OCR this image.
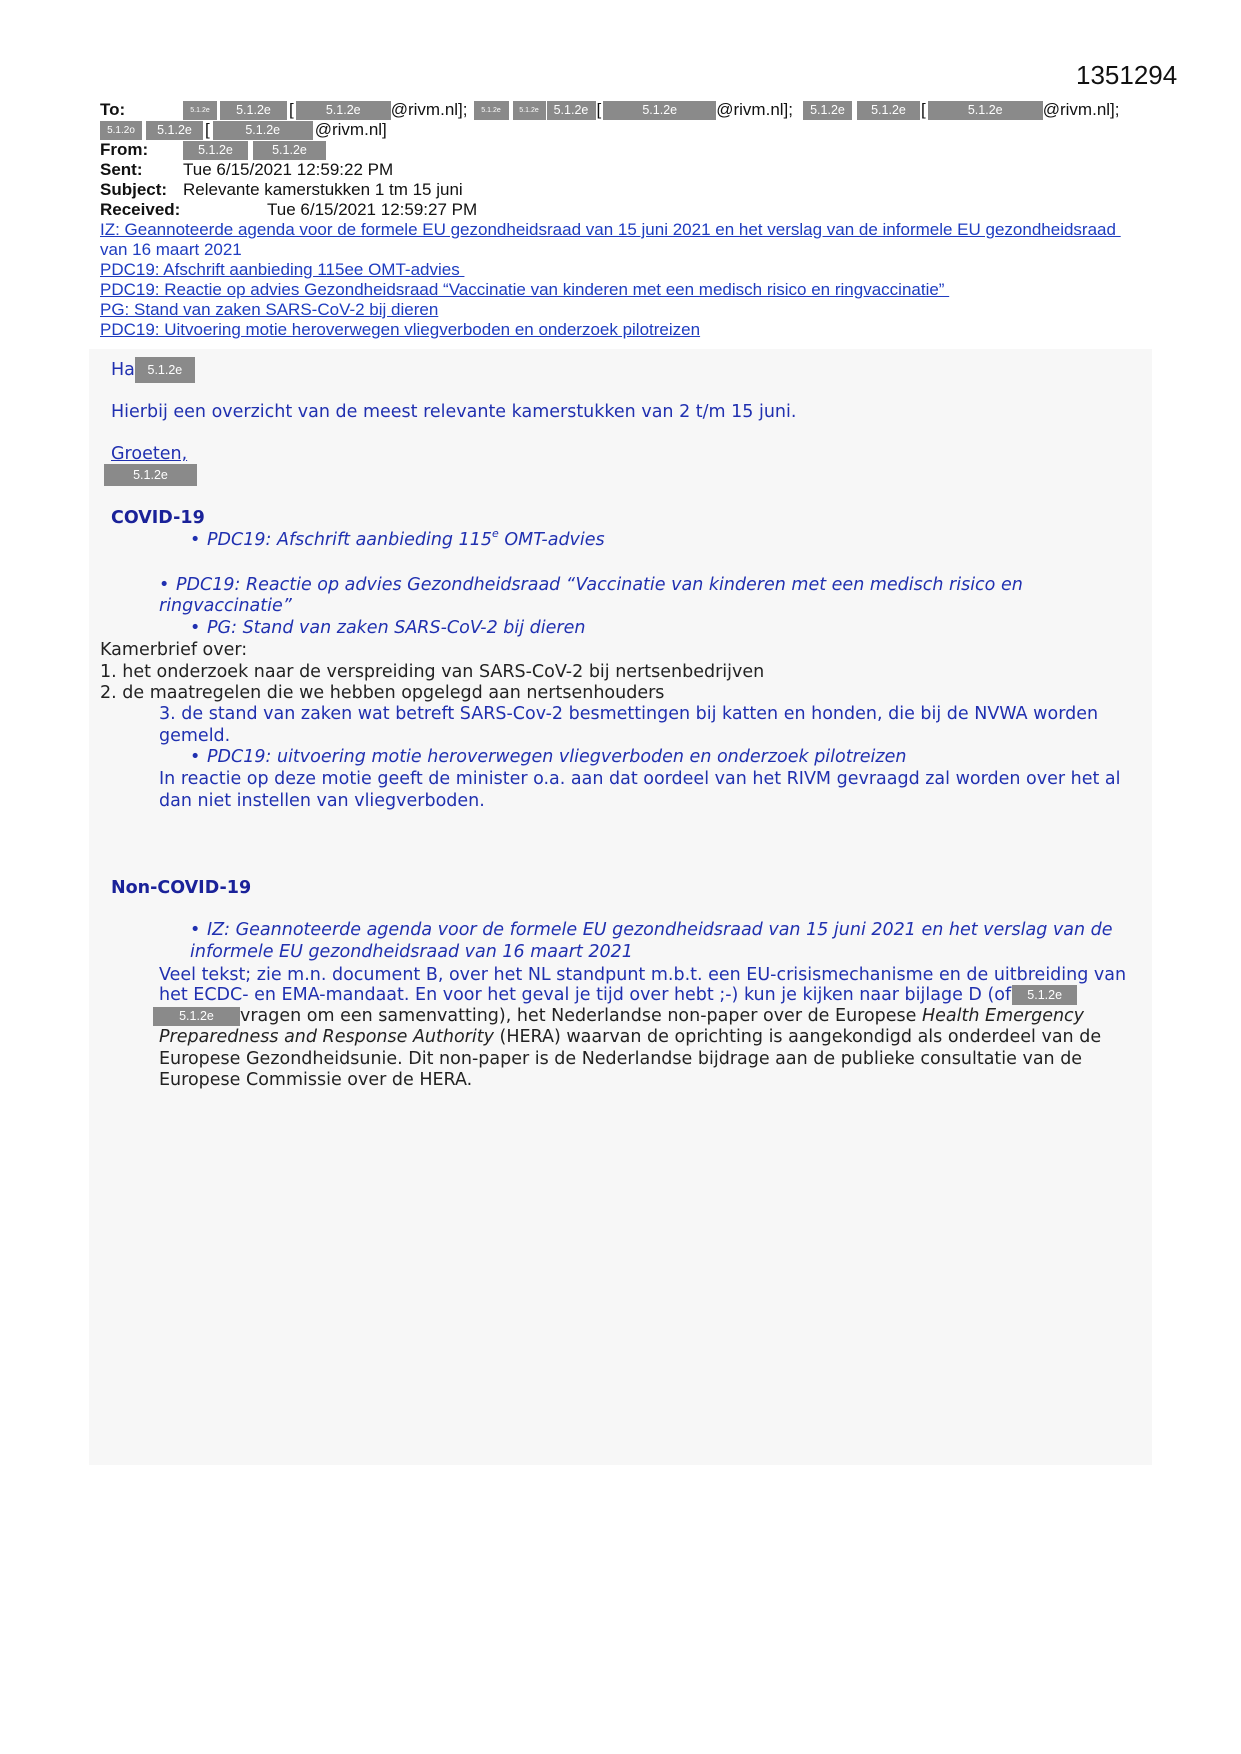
1351294
To:	5.1.2e	5.1.2e	[	5.1.2e	@rivm.nl];	5.1.2e	5.1.2e	5.1.2e [	5.1.2e	@rivm.nl];	5.1.2e	5.1.2e [	5.1.2e	@rivm.nl];
5.1.2o	5.1.2e [	5.1.2e	@rivm.nl]
From:	5.1.2e	5.1.2e
Sent:	Tue 6/15/2021 12:59:22 PM
Subject: Relevante kamerstukken 1 tm 15 juni
Received:	Tue 6/15/2021 12:59:27 PM
IZ: Geannoteerde agenda voor de formele EU gezondheidsraad van 15 juni 2021 en het verslag van de informele EU gezondheidsraad
van 16 maart 2021
PDC19: Afschrift aanbieding 115ee OMT-advies
PDC19: Reactie op advies Gezondheidsraad “Vaccinatie van kinderen met een medisch risico en ringvaccinatie”
PG: Stand van zaken SARS-CoV-2 bij dieren
PDC19: Uitvoering motie heroverwegen vliegverboden en onderzoek pilotreizen
Ha	5.1.2e
Hierbij een overzicht van de meest relevante kamerstukken van 2 t/m 15 juni.
Groeten,
5.1.2e
COVID-19
• PDC19: Afschrift aanbieding 115 e OMT-advies
• PDC19: Reactie op advies Gezondheidsraad “Vaccinatie van kinderen met een medisch risico en
ringvaccinatie”
• PG: Stand van zaken SARS-CoV-2 bij dieren
Kamerbrief over:
1. het onderzoek naar de verspreiding van SARS-CoV-2 bij nertsenbedrijven
2. de maatregelen die we hebben opgelegd aan nertsenhouders
3. de stand van zaken wat betreft SARS-Cov-2 besmettingen bij katten en honden, die bij de NVWA worden
gemeld.
• PDC19: uitvoering motie heroverwegen vliegverboden en onderzoek pilotreizen
In reactie op deze motie geeft de minister o.a. aan dat oordeel van het RIVM gevraagd zal worden over het al
dan niet instellen van vliegverboden.
Non-COVID-19
• IZ: Geannoteerde agenda voor de formele EU gezondheidsraad van 15 juni 2021 en het verslag van de
informele EU gezondheidsraad van 16 maart 2021
Veel tekst; zie m.n. document B, over het NL standpunt m.b.t. een EU-crisismechanisme en de uitbreiding van
het ECDC- en EMA-mandaat. En voor het geval je tijd over hebt ;-) kun je kijken naar bijlage D (of	5.1.2e
5.1.2e	vragen om een samenvatting), het Nederlandse non-paper over de Europese Health Emergency
Preparedness and Response Authority (HERA) waarvan de oprichting is aangekondigd als onderdeel van de
Europese Gezondheidsunie. Dit non-paper is de Nederlandse bijdrage aan de publieke consultatie van de
Europese Commissie over de HERA.
